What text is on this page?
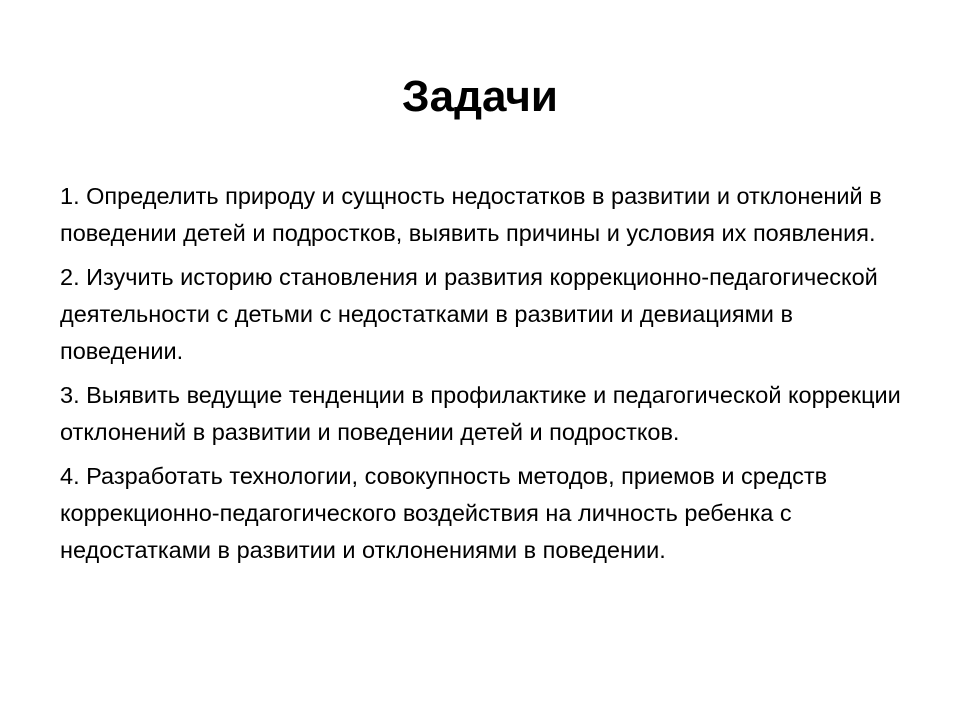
Задачи

1. Определить природу и сущность недостатков в развитии и отклонений в поведении детей и подростков, выявить причины и условия их появления.

2. Изучить историю становления и развития коррекционно-педагогической деятельности с детьми с недостатками в развитии и девиациями в поведении.

3. Выявить ведущие тенденции в профилактике и педагогической коррекции отклонений в развитии и поведении детей и подростков.

4. Разработать технологии, совокупность методов, приемов и средств коррекционно-педагогического воздействия на личность ребенка с недостатками в развитии и отклонениями в поведении.
